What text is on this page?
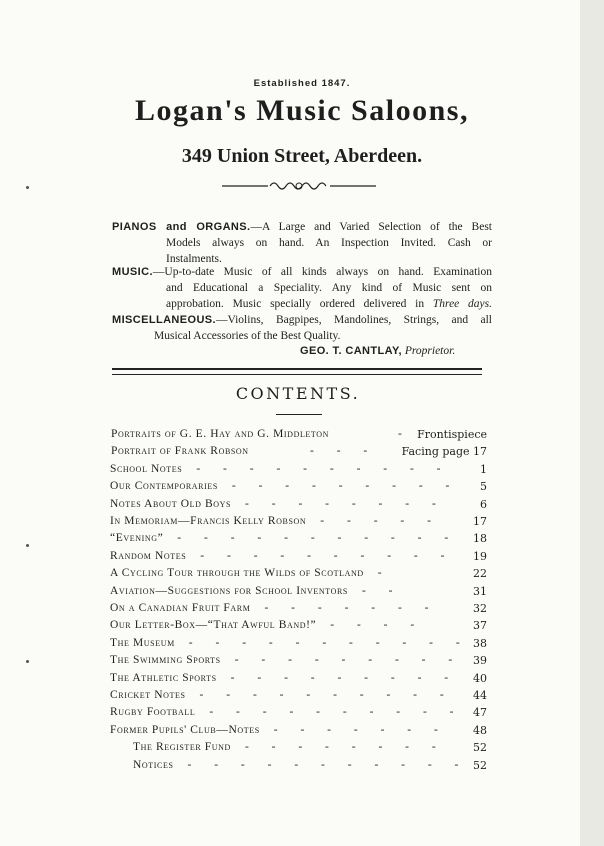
Established 1847.
Logan's Music Saloons,
349 Union Street, Aberdeen.
PIANOS and ORGANS.—A Large and Varied Selection of the Best
Models always on hand. An Inspection Invited. Cash or
Instalments.
MUSIC.—Up-to-date Music of all kinds always on hand. Examination
and Educational a Speciality. Any kind of Music sent on
approbation. Music specially ordered delivered in Three days.
MISCELLANEOUS.—Violins, Bagpipes, Mandolines, Strings, and all
Musical Accessories of the Best Quality.
GEO. T. CANTLAY, Proprietor.
CONTENTS.
Portraits of G. E. Hay and G. Middleton	- Frontispiece
Portrait of Frank Robson	- - -	Facing page 17
School Notes - - - - - - - - - -	1
Our Contemporaries - - - - - - - - -	5
Notes About Old Boys - - - - - - - -	6
In Memoriam—Francis Kelly Robson - - - - -	17
“Evening” - - - - - - - - - - -	18
Random Notes - - - - - - - - - -	19
A Cycling Tour through the Wilds of Scotland -	22
Aviation—Suggestions for School Inventors - -	31
On a Canadian Fruit Farm - - - - - - -	32
Our Letter-Box—“That Awful Band!” - - - -	37
The Museum - - - - - - - - - - - 38
The Swimming Sports - - - - - - - - - 39
The Athletic Sports - - - - - - - - -	40
Cricket Notes - - - - - - - - - -	44
Rugby Football - - - - - - - - - - 47
Former Pupils' Club—Notes - - - - - - -	48
The Register Fund - - - - - - - -	52
Notices - - - - - - - - - - - 52
